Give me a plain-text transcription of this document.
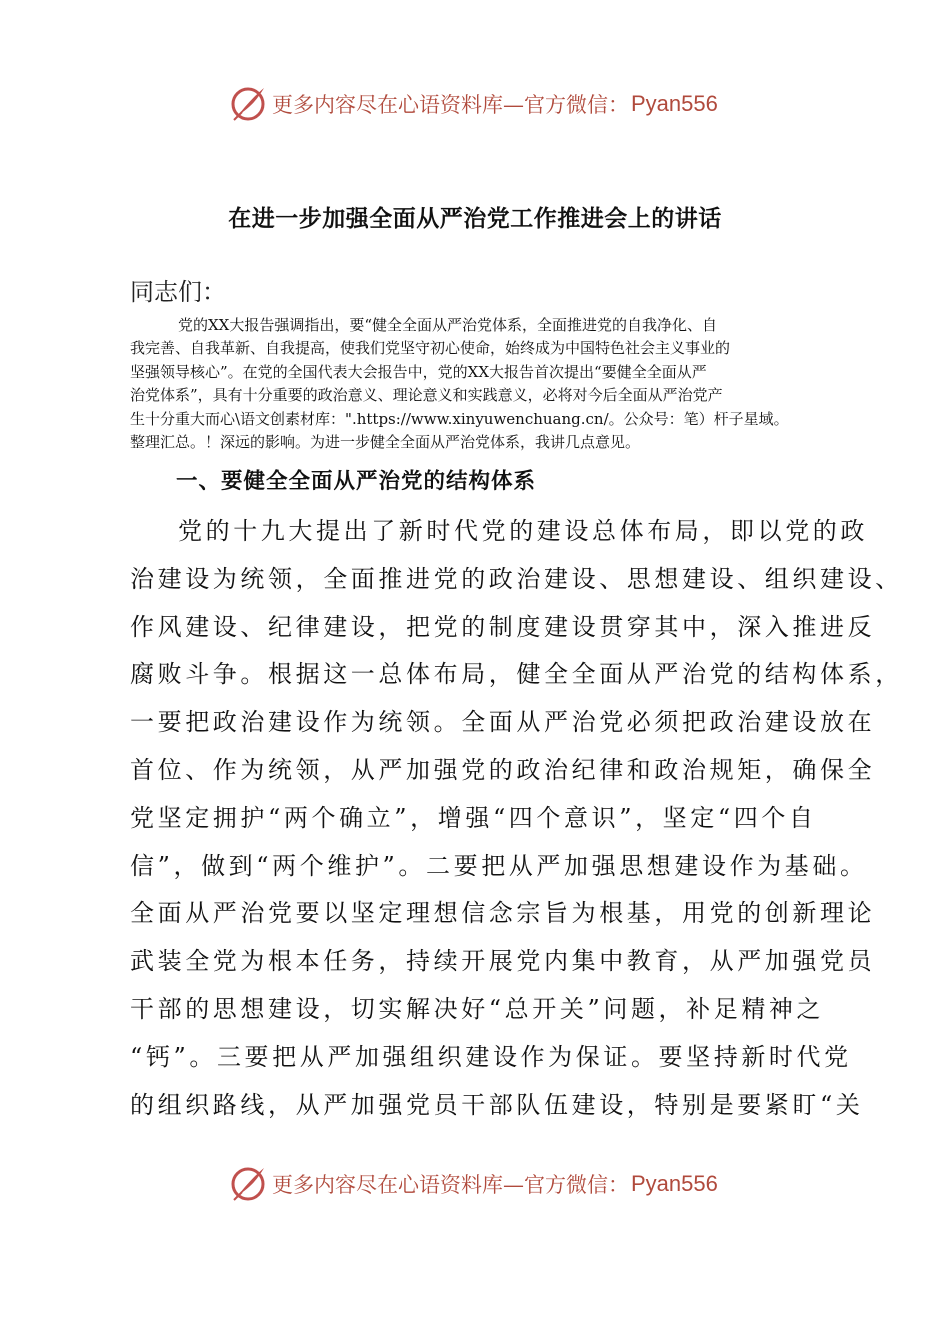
更多内容尽在心语资料库—官方微信： Pyan556
在进一步加强全面从严治党工作推进会上的讲话
同志们：

党的XX大报告强调指出，要“健全全面从严治党体系，全面推进党的自我净化、自

我完善、自我革新、自我提高，使我们党坚守初心使命，始终成为中国特色社会主义事业的

坚强领导核心”。在党的全国代表大会报告中，党的XX大报告首次提出“要健全全面从严

治党体系”，具有十分重要的政治意义、理论意义和实践意义，必将对今后全面从严治党产

生十分重大而心\语文创素材库：".https://www.xinyuwenchuang.cn/。公众号：笔）杆子星域。

整理汇总。！深远的影响。为进一步健全全面从严治党体系，我讲几点意见。

一、要健全全面从严治党的结构体系
党的十九大提出了新时代党的建设总体布局，即以党的政
治建设为统领，全面推进党的政治建设、思想建设、组织建设、
作风建设、纪律建设，把党的制度建设贯穿其中，深入推进反
腐败斗争。根据这一总体布局，健全全面从严治党的结构体系，
一要把政治建设作为统领。全面从严治党必须把政治建设放在
首位、作为统领，从严加强党的政治纪律和政治规矩，确保全
党坚定拥护“两个确立”，增强“四个意识”，坚定“四个自
信”，做到“两个维护”。二要把从严加强思想建设作为基础。
全面从严治党要以坚定理想信念宗旨为根基，用党的创新理论
武装全党为根本任务，持续开展党内集中教育，从严加强党员
干部的思想建设，切实解决好“总开关”问题，补足精神之
“钙”。三要把从严加强组织建设作为保证。要坚持新时代党
的组织路线，从严加强党员干部队伍建设，特别是要紧盯“关
更多内容尽在心语资料库—官方微信： Pyan556
